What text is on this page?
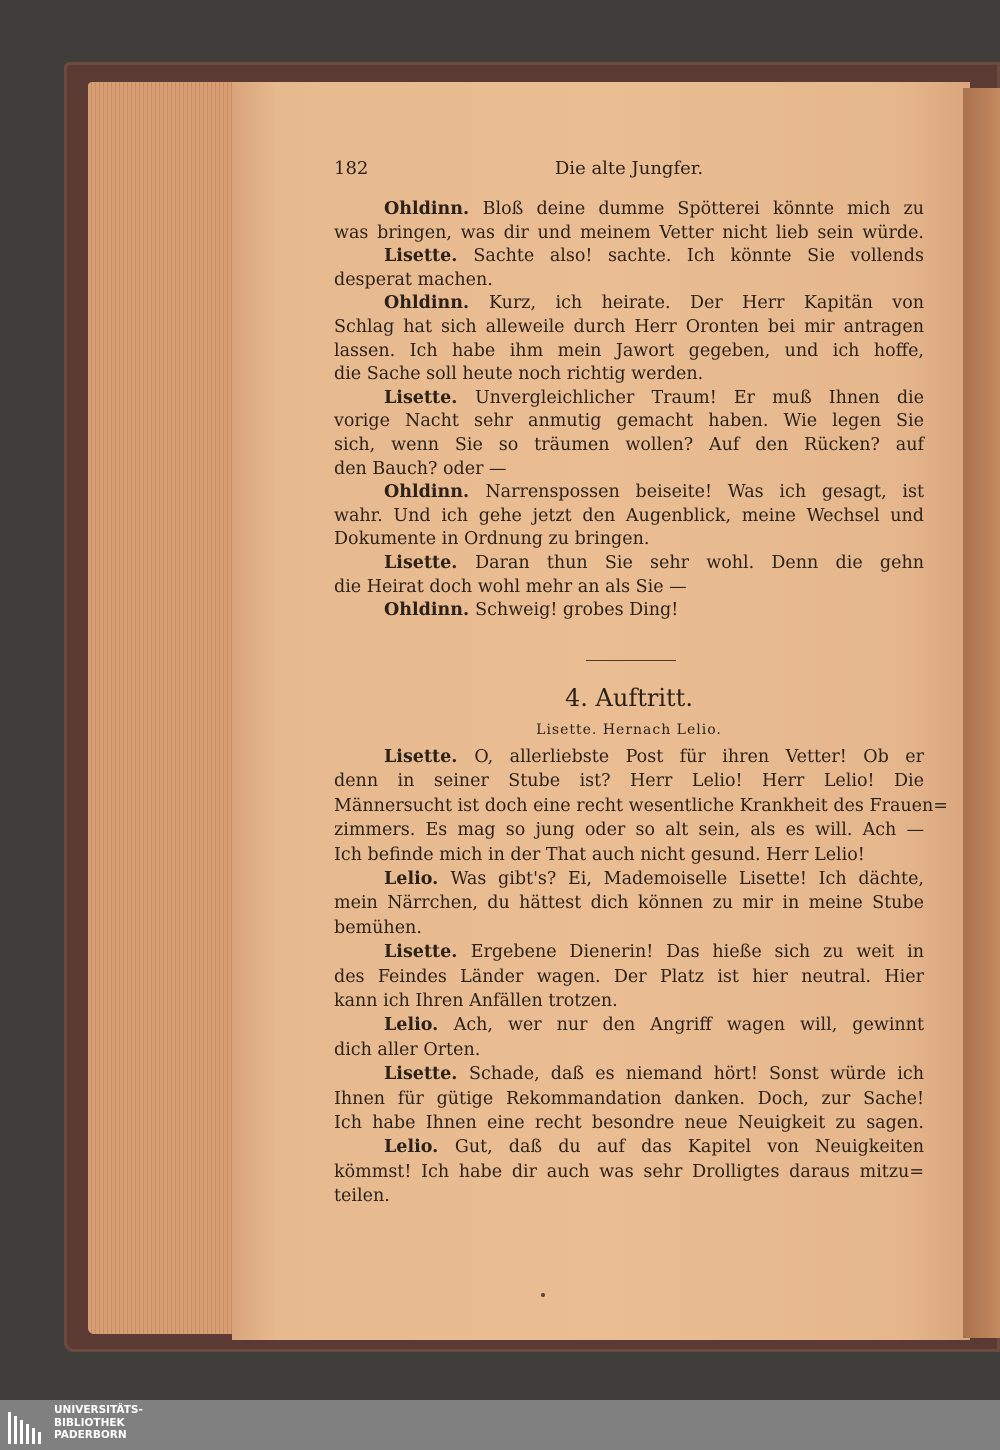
182	Die alte Jungfer.
Ohldinn. Bloß deine dumme Spötterei könnte mich zu
was bringen, was dir und meinem Vetter nicht lieb sein würde.
Lisette. Sachte also! sachte. Ich könnte Sie vollends
desperat machen.
Ohldinn. Kurz, ich heirate. Der Herr Kapitän von
Schlag hat sich alleweile durch Herr Oronten bei mir antragen
lassen. Ich habe ihm mein Jawort gegeben, und ich hoffe,
die Sache soll heute noch richtig werden.
Lisette. Unvergleichlicher Traum! Er muß Ihnen die
vorige Nacht sehr anmutig gemacht haben. Wie legen Sie
sich, wenn Sie so träumen wollen? Auf den Rücken? auf
den Bauch? oder —
Ohldinn. Narrenspossen beiseite! Was ich gesagt, ist
wahr. Und ich gehe jetzt den Augenblick, meine Wechsel und
Dokumente in Ordnung zu bringen.
Lisette. Daran thun Sie sehr wohl. Denn die gehn
die Heirat doch wohl mehr an als Sie —
Ohldinn. Schweig! grobes Ding!
4. Auftritt.
Lisette. Hernach Lelio.
Lisette. O, allerliebste Post für ihren Vetter! Ob er
denn in seiner Stube ist? Herr Lelio! Herr Lelio! Die
Männersucht ist doch eine recht wesentliche Krankheit des Frauen=
zimmers. Es mag so jung oder so alt sein, als es will. Ach —
Ich befinde mich in der That auch nicht gesund. Herr Lelio!
Lelio. Was gibt's? Ei, Mademoiselle Lisette! Ich dächte,
mein Närrchen, du hättest dich können zu mir in meine Stube
bemühen.
Lisette. Ergebene Dienerin! Das hieße sich zu weit in
des Feindes Länder wagen. Der Platz ist hier neutral. Hier
kann ich Ihren Anfällen trotzen.
Lelio. Ach, wer nur den Angriff wagen will, gewinnt
dich aller Orten.
Lisette. Schade, daß es niemand hört! Sonst würde ich
Ihnen für gütige Rekommandation danken. Doch, zur Sache!
Ich habe Ihnen eine recht besondre neue Neuigkeit zu sagen.
Lelio. Gut, daß du auf das Kapitel von Neuigkeiten
kömmst! Ich habe dir auch was sehr Drolligtes daraus mitzu=
teilen.
UNIVERSITÄTS-
BIBLIOTHEK
PADERBORN
